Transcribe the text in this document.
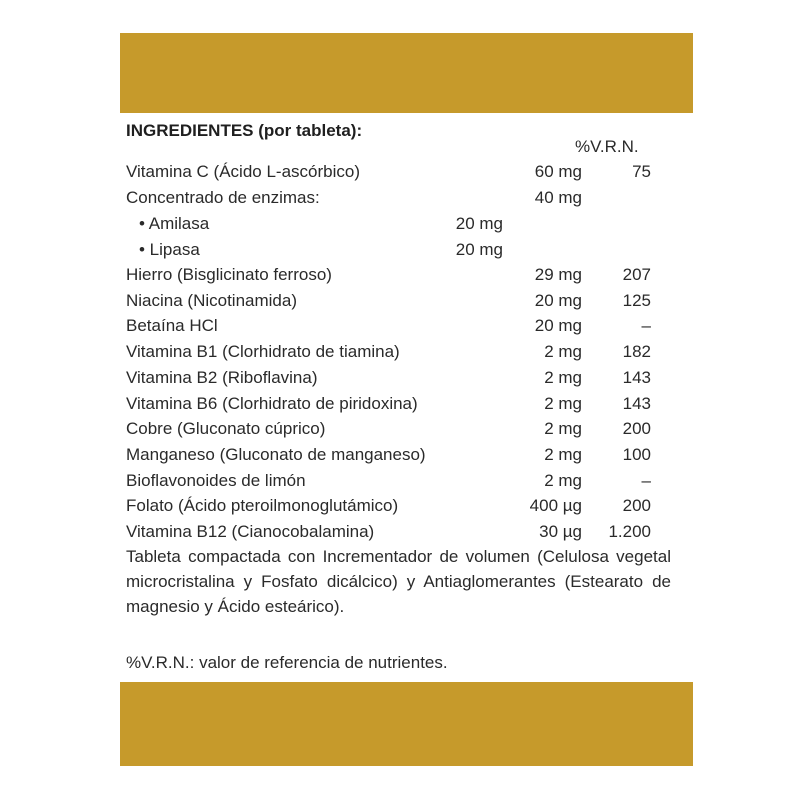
INGREDIENTES (por tableta):
%V.R.N.
Vitamina C (Ácido L-ascórbico)	60 mg	75
Concentrado de enzimas:	40 mg
• Amilasa	20 mg
• Lipasa	20 mg
Hierro (Bisglicinato ferroso)	29 mg 207
Niacina (Nicotinamida)	20 mg 125
Betaína HCl	20 mg	–
Vitamina B1 (Clorhidrato de tiamina)	2 mg 182
Vitamina B2 (Riboflavina)	2 mg 143
Vitamina B6 (Clorhidrato de piridoxina)	2 mg 143
Cobre (Gluconato cúprico)	2 mg 200
Manganeso (Gluconato de manganeso)	2 mg 100
Bioflavonoides de limón	2 mg	–
Folato (Ácido pteroilmonoglutámico)	400 µg 200
Vitamina B12 (Cianocobalamina)	30 µg 1.200
Tableta compactada con Incrementador de volumen (Celulosa vegetal microcristalina y Fosfato dicálcico) y Antiaglomerantes (Estearato de magnesio y Ácido esteárico).
%V.R.N.: valor de referencia de nutrientes.
